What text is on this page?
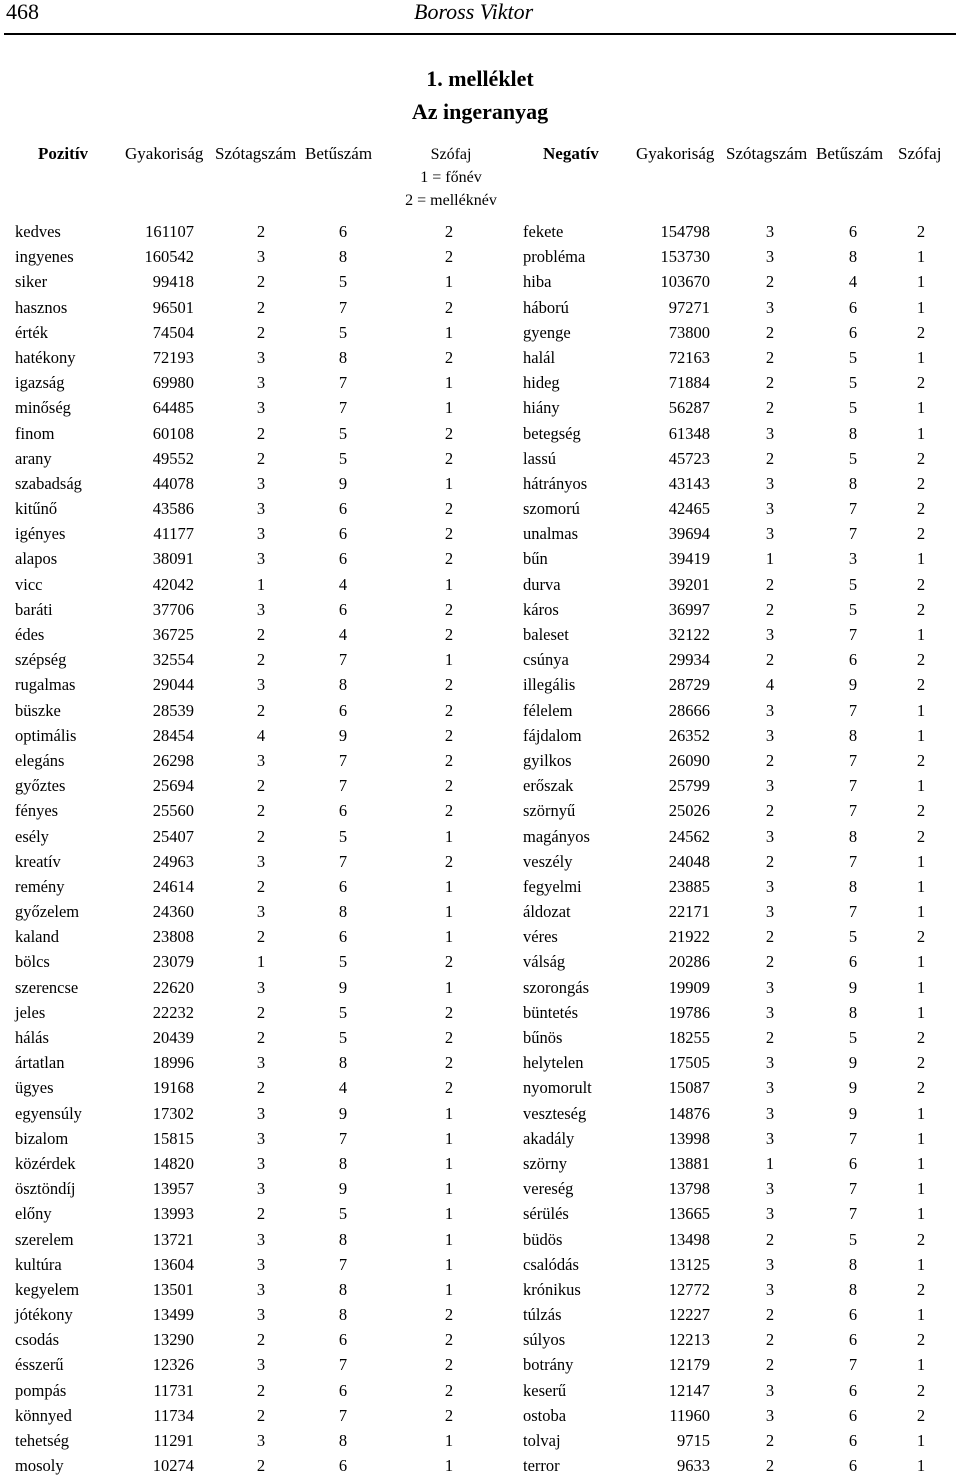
468	Boross Viktor
1. melléklet
Az ingeranyag
Pozitív Gyakoriság Szótagszám Betűszám	Szófaj
1 = főnév
2 = melléknév
Negatív Gyakoriság Szótagszám Betűszám Szófaj
kedves	161107	2	6	2	fekete	154798	3	6	2
ingyenes	160542	3	8	2	probléma	153730	3	8	1
siker	99418	2	5	1	hiba	103670	2	4	1
hasznos	96501	2	7	2	háború	97271	3	6	1
érték	74504	2	5	1	gyenge	73800	2	6	2
hatékony	72193	3	8	2	halál	72163	2	5	1
igazság	69980	3	7	1	hideg	71884	2	5	2
minőség	64485	3	7	1	hiány	56287	2	5	1
finom	60108	2	5	2	betegség	61348	3	8	1
arany	49552	2	5	2	lassú	45723	2	5	2
szabadság	44078	3	9	1	hátrányos	43143	3	8	2
kitűnő	43586	3	6	2	szomorú	42465	3	7	2
igényes	41177	3	6	2	unalmas	39694	3	7	2
alapos	38091	3	6	2	bűn	39419	1	3	1
vicc	42042	1	4	1	durva	39201	2	5	2
baráti	37706	3	6	2	káros	36997	2	5	2
édes	36725	2	4	2	baleset	32122	3	7	1
szépség	32554	2	7	1	csúnya	29934	2	6	2
rugalmas	29044	3	8	2	illegális	28729	4	9	2
büszke	28539	2	6	2	félelem	28666	3	7	1
optimális	28454	4	9	2	fájdalom	26352	3	8	1
elegáns	26298	3	7	2	gyilkos	26090	2	7	2
győztes	25694	2	7	2	erőszak	25799	3	7	1
fényes	25560	2	6	2	szörnyű	25026	2	7	2
esély	25407	2	5	1	magányos	24562	3	8	2
kreatív	24963	3	7	2	veszély	24048	2	7	1
remény	24614	2	6	1	fegyelmi	23885	3	8	1
győzelem	24360	3	8	1	áldozat	22171	3	7	1
kaland	23808	2	6	1	véres	21922	2	5	2
bölcs	23079	1	5	2	válság	20286	2	6	1
szerencse	22620	3	9	1	szorongás	19909	3	9	1
jeles	22232	2	5	2	büntetés	19786	3	8	1
hálás	20439	2	5	2	bűnös	18255	2	5	2
ártatlan	18996	3	8	2	helytelen	17505	3	9	2
ügyes	19168	2	4	2	nyomorult	15087	3	9	2
egyensúly	17302	3	9	1	veszteség	14876	3	9	1
bizalom	15815	3	7	1	akadály	13998	3	7	1
közérdek	14820	3	8	1	szörny	13881	1	6	1
ösztöndíj	13957	3	9	1	vereség	13798	3	7	1
előny	13993	2	5	1	sérülés	13665	3	7	1
szerelem	13721	3	8	1	büdös	13498	2	5	2
kultúra	13604	3	7	1	csalódás	13125	3	8	1
kegyelem	13501	3	8	1	krónikus	12772	3	8	2
jótékony	13499	3	8	2	túlzás	12227	2	6	1
csodás	13290	2	6	2	súlyos	12213	2	6	2
ésszerű	12326	3	7	2	botrány	12179	2	7	1
pompás	11731	2	6	2	keserű	12147	3	6	2
könnyed	11734	2	7	2	ostoba	11960	3	6	2
tehetség	11291	3	8	1	tolvaj	9715	2	6	1
mosoly	10274	2	6	1	terror	9633	2	6	1
